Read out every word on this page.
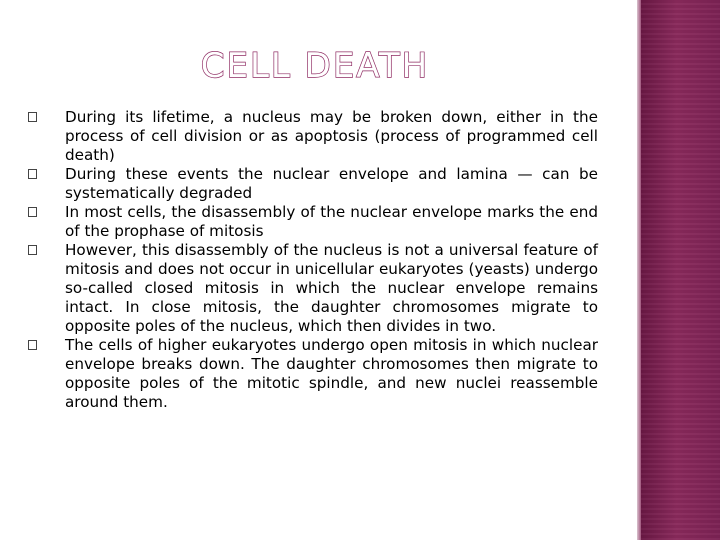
CELL DEATH
During its lifetime, a nucleus may be broken down, either in the process of cell division or as apoptosis (process of programmed cell death)
During these events the nuclear envelope and lamina — can be systematically degraded
In most cells, the disassembly of the nuclear envelope marks the end of the prophase of mitosis
However, this disassembly of the nucleus is not a universal feature of mitosis and does not occur in unicellular eukaryotes (yeasts) undergo so-called closed mitosis in which the nuclear envelope remains intact. In close mitosis, the daughter chromosomes migrate to opposite poles of the nucleus, which then divides in two.
The cells of higher eukaryotes undergo open mitosis in which nuclear envelope breaks down. The daughter chromosomes then migrate to opposite poles of the mitotic spindle, and new nuclei reassemble around them.
